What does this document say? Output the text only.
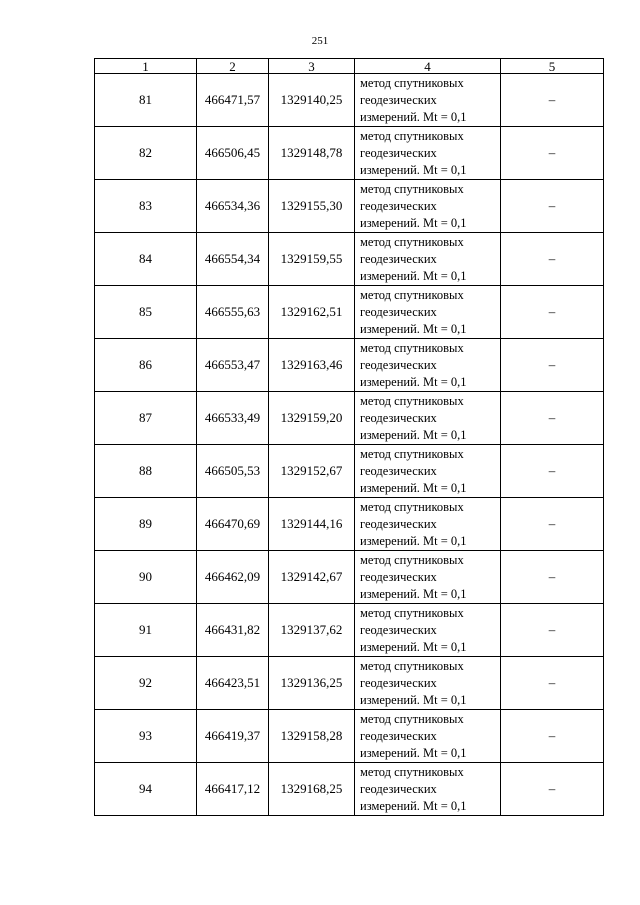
251
1	2	3	4	5
81	466471,57	1329140,25	метод спутниковых
геодезических
измерений. Mt = 0,1	–
82	466506,45	1329148,78	метод спутниковых
геодезических
измерений. Mt = 0,1	–
83	466534,36	1329155,30	метод спутниковых
геодезических
измерений. Mt = 0,1	–
84	466554,34	1329159,55	метод спутниковых
геодезических
измерений. Mt = 0,1	–
85	466555,63	1329162,51	метод спутниковых
геодезических
измерений. Mt = 0,1	–
86	466553,47	1329163,46	метод спутниковых
геодезических
измерений. Mt = 0,1	–
87	466533,49	1329159,20	метод спутниковых
геодезических
измерений. Mt = 0,1	–
88	466505,53	1329152,67	метод спутниковых
геодезических
измерений. Mt = 0,1	–
89	466470,69	1329144,16	метод спутниковых
геодезических
измерений. Mt = 0,1	–
90	466462,09	1329142,67	метод спутниковых
геодезических
измерений. Mt = 0,1	–
91	466431,82	1329137,62	метод спутниковых
геодезических
измерений. Mt = 0,1	–
92	466423,51	1329136,25	метод спутниковых
геодезических
измерений. Mt = 0,1	–
93	466419,37	1329158,28	метод спутниковых
геодезических
измерений. Mt = 0,1	–
94	466417,12	1329168,25	метод спутниковых
геодезических
измерений. Mt = 0,1	–
